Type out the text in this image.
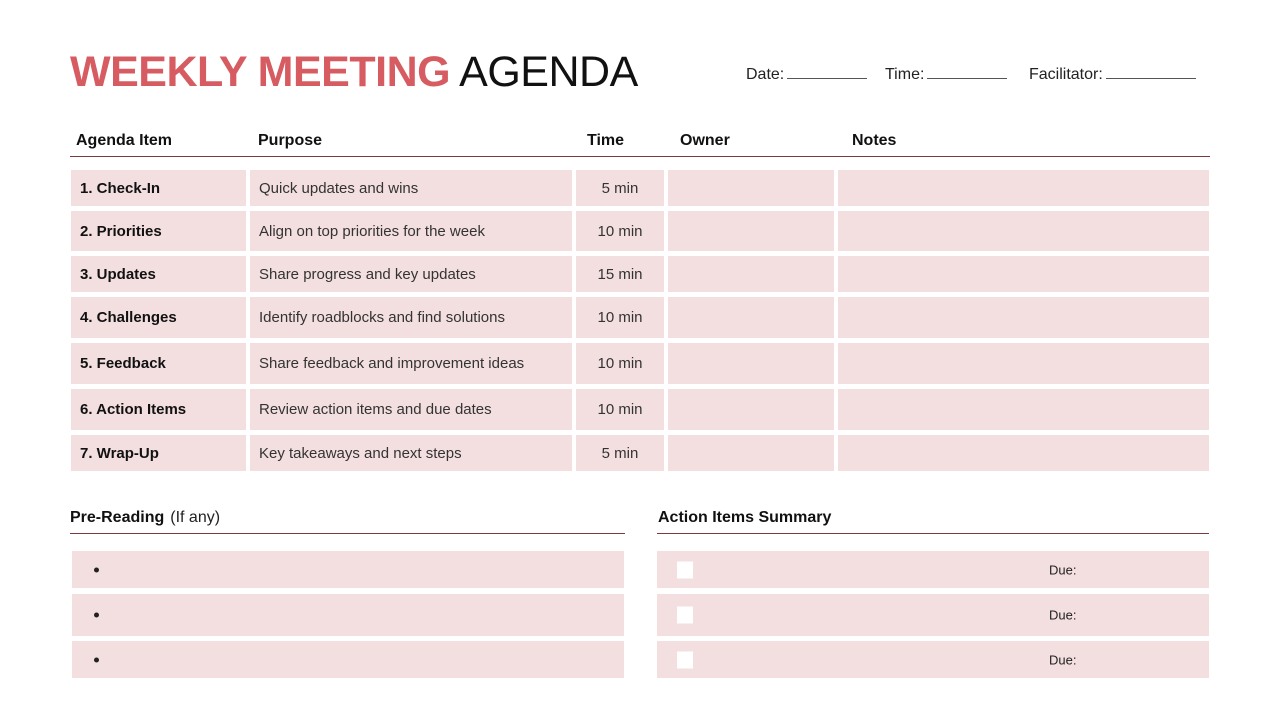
WEEKLY MEETING AGENDA	Date:	Time:	Facilitator:
Agenda Item	Purpose	Time	Owner	Notes
1. Check-In	Quick updates and wins	5 min
2. Priorities	Align on top priorities for the week	10 min
3. Updates	Share progress and key updates	15 min
4. Challenges	Identify roadblocks and find solutions	10 min
5. Feedback	Share feedback and improvement ideas	10 min
6. Action Items	Review action items and due dates	10 min
7. Wrap-Up	Key takeaways and next steps	5 min
Pre-Reading (If any)	Action Items Summary
Due:
Due:
Due:
